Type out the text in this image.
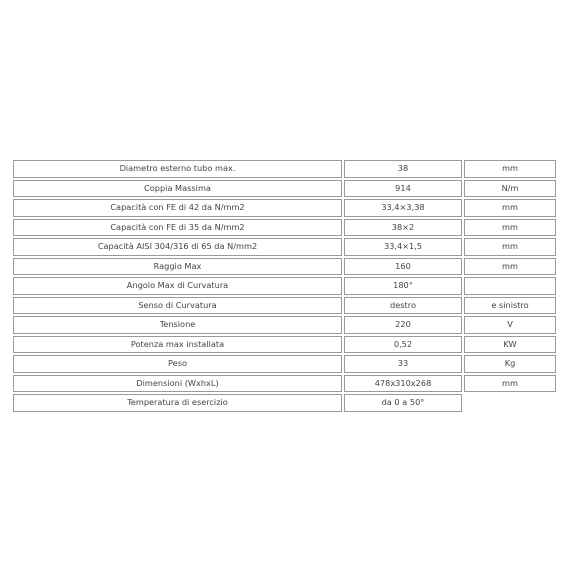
Diametro esterno tubo max.	38	mm
Coppia Massima	914	N/m
Capacità con FE di 42 da N/mm2	33,4×3,38	mm
Capacità con FE di 35 da N/mm2	38×2	mm
Capacità AISI 304/316 di 65 da N/mm2	33,4×1,5	mm
Raggio Max	160	mm
Angolo Max di Curvatura	180°	
Senso di Curvatura	destro	e sinistro
Tensione	220	V
Potenza max installata	0,52	KW
Peso	33	Kg
Dimensioni (WxhxL)	478x310x268	mm
Temperatura di esercizio	da 0 a 50°	
